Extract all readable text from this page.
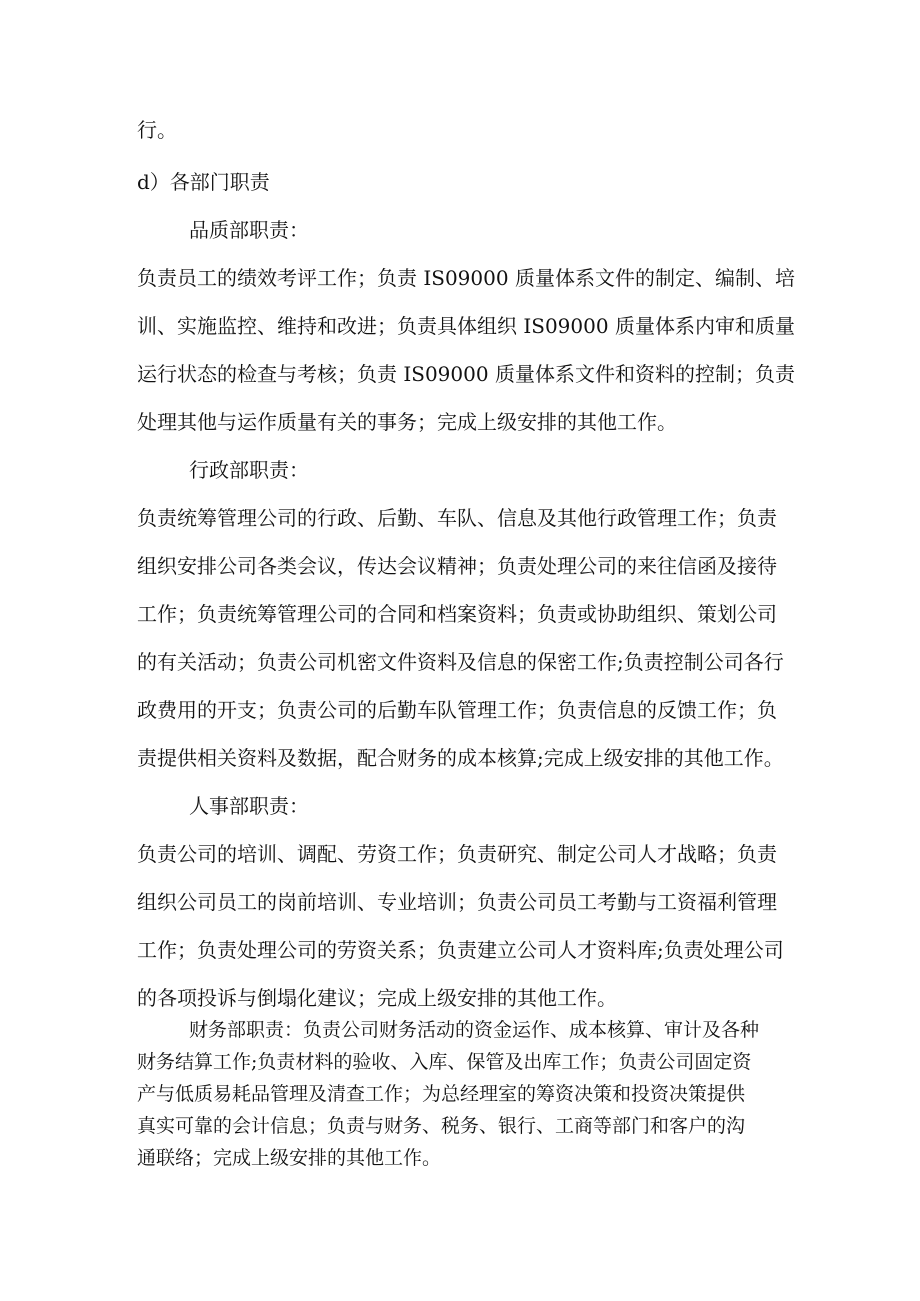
行。
d）各部门职责
品质部职责：
负责员工的绩效考评工作；负责 IS09000 质量体系文件的制定、编制、培
训、实施监控、维持和改进；负责具体组织 IS09000 质量体系内审和质量
运行状态的检查与考核；负责 IS09000 质量体系文件和资料的控制；负责
处理其他与运作质量有关的事务；完成上级安排的其他工作。
行政部职责：
负责统筹管理公司的行政、后勤、车队、信息及其他行政管理工作；负责
组织安排公司各类会议，传达会议精神；负责处理公司的来往信函及接待
工作；负责统筹管理公司的合同和档案资料；负责或协助组织、策划公司
的有关活动；负责公司机密文件资料及信息的保密工作;负责控制公司各行
政费用的开支；负责公司的后勤车队管理工作；负责信息的反馈工作；负
责提供相关资料及数据，配合财务的成本核算;完成上级安排的其他工作。
人事部职责：
负责公司的培训、调配、劳资工作；负责研究、制定公司人才战略；负责
组织公司员工的岗前培训、专业培训；负责公司员工考勤与工资福利管理
工作；负责处理公司的劳资关系；负责建立公司人才资料库;负责处理公司
的各项投诉与倒塌化建议；完成上级安排的其他工作。
财务部职责：负责公司财务活动的资金运作、成本核算、审计及各种
财务结算工作;负责材料的验收、入库、保管及出库工作；负责公司固定资
产与低质易耗品管理及清查工作；为总经理室的筹资决策和投资决策提供
真实可靠的会计信息；负责与财务、税务、银行、工商等部门和客户的沟
通联络；完成上级安排的其他工作。
